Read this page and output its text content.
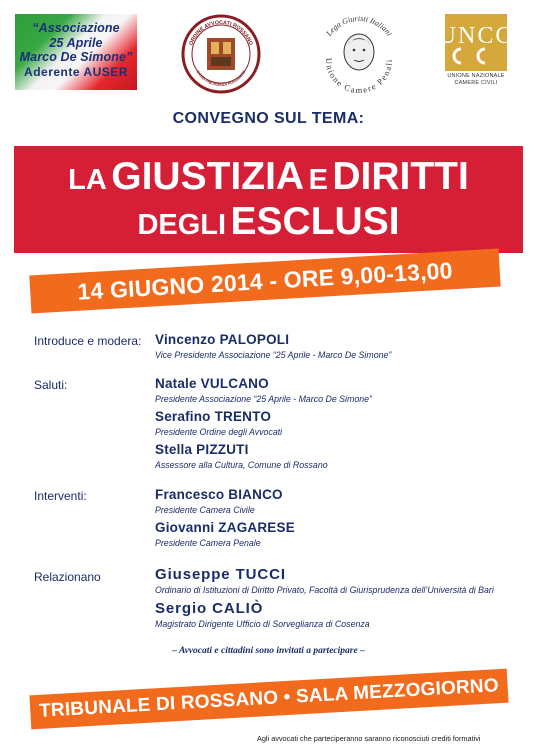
“Associazione
25 Aprile
Marco De Simone”
Aderente AUSER
ORDINE AVVOCATI ROSSANO
CASSA PREVIDENZA ROSSANESE
Lega Giuristi Italiani
Unione Camere Penali
UNCC
UNIONE NAZIONALE
CAMERE CIVILI
CONVEGNO SUL TEMA:
LA GIUSTIZIA E DIRITTI
DEGLI ESCLUSI
14 GIUGNO 2014 - ORE 9,00-13,00
Introduce e modera: Vincenzo PALOPOLI
Vice Presidente Associazione “25 Aprile - Marco De Simone”
Saluti:	Natale VULCANO
Presidente Associazione “25 Aprile - Marco De Simone”
Serafino TRENTO
Presidente Ordine degli Avvocati
Stella PIZZUTI
Assessore alla Cultura, Comune di Rossano
Interventi:	Francesco BIANCO
Presidente Camera Civile
Giovanni ZAGARESE
Presidente Camera Penale
Relazionano	Giuseppe TUCCI
Ordinario di Istituzioni di Diritto Privato, Facoltà di Giurisprudenza dell’Università di Bari
Sergio CALIÒ
Magistrato Dirigente Ufficio di Sorveglianza di Cosenza
– Avvocati e cittadini sono invitati a partecipare –
TRIBUNALE DI ROSSANO • SALA MEZZOGIORNO
Agli avvocati che parteciperanno saranno riconosciuti crediti formativi
